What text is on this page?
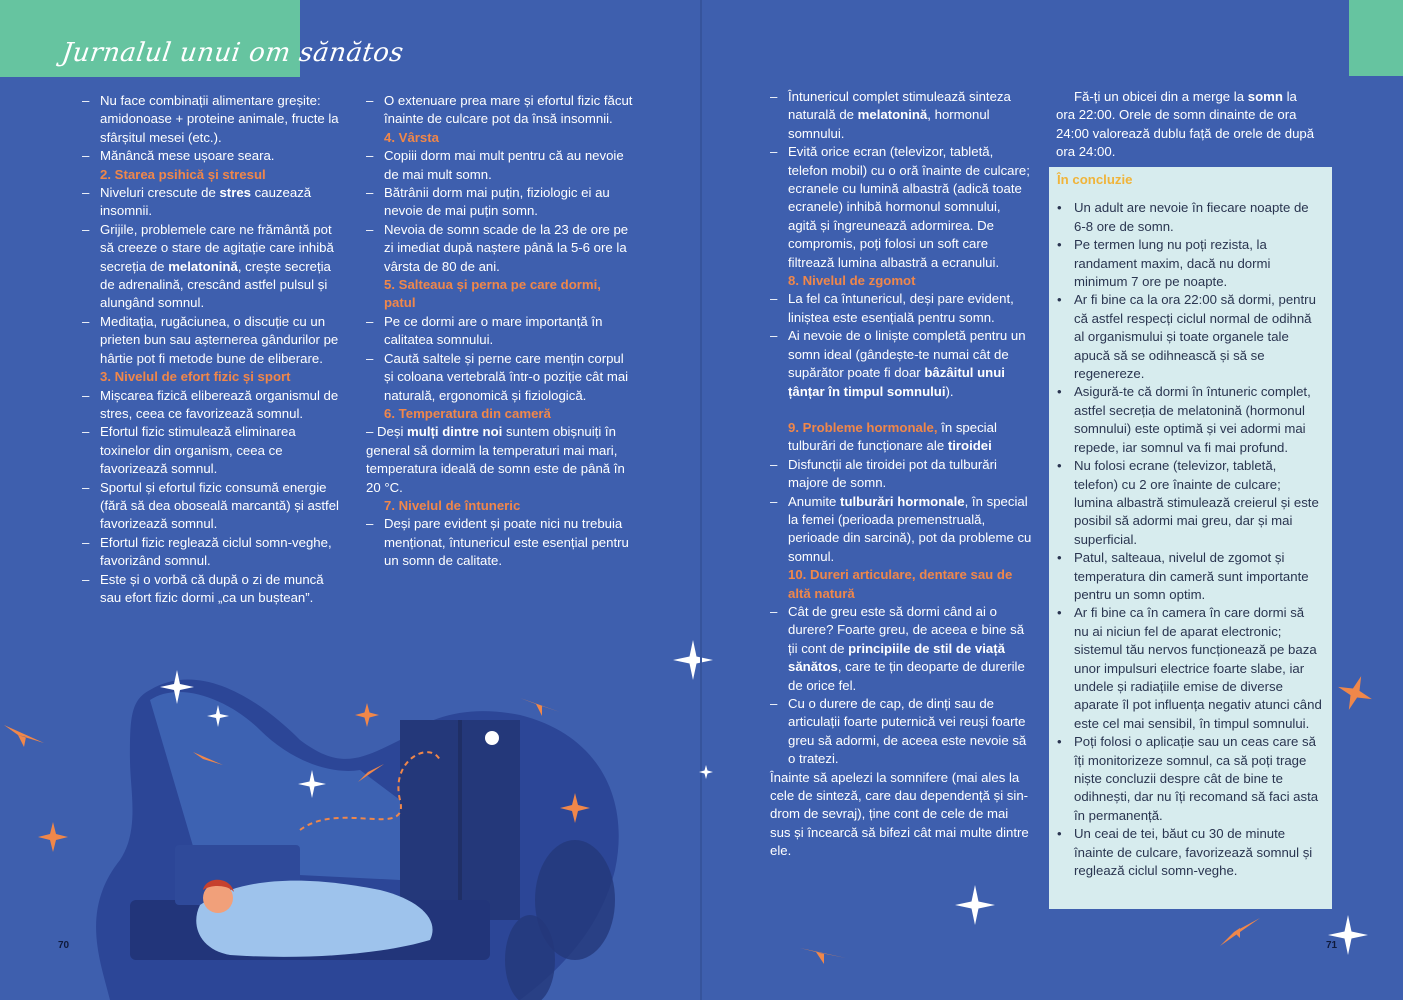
Jurnalul unui om sănătos

– Nu face combinații alimentare greșite: amidonoase + proteine animale, fructe la sfârșitul mesei (etc.).

– Mănâncă mese ușoare seara.

2. Starea psihică și stresul

– Niveluri crescute de stres cauzează insomnii.

– Grijile, problemele care ne frământă pot să creeze o stare de agitație care inhibă secreția de melatonină, crește secreția de adrenalină, crescând astfel pulsul și alungând somnul.

– Meditația, rugăciunea, o discuție cu un prieten bun sau așternerea gândurilor pe hârtie pot fi metode bune de eliberare.

3. Nivelul de efort fizic și sport

– Mișcarea fizică eliberează organismul de stres, ceea ce favorizează somnul.

– Efortul fizic stimulează eliminarea toxinelor din organism, ceea ce favorizează somnul.

– Sportul și efortul fizic consumă energie (fără să dea oboseală marcantă) și astfel favorizează somnul.

– Efortul fizic reglează ciclul somn-veghe, favorizând somnul.

– Este și o vorbă că după o zi de muncă sau efort fizic dormi „ca un buștean”.

– O extenuare prea mare și efortul fizic făcut înainte de culcare pot da însă insomnii.

4. Vârsta

– Copiii dorm mai mult pentru că au nevoie de mai mult somn.

– Bătrânii dorm mai puțin, fiziologic ei au nevoie de mai puțin somn.

– Nevoia de somn scade de la 23 de ore pe zi imediat după naștere până la 5-6 ore la vârsta de 80 de ani.

5. Salteaua și perna pe care dormi, patul

– Pe ce dormi are o mare importanță în calitatea somnului.

– Caută saltele și perne care mențin corpul și coloana vertebrală într-o poziție cât mai naturală, ergonomică și fiziologică.

6. Temperatura din cameră

– Deși mulți dintre noi suntem obișnuiți în general să dormim la temperaturi mai mari, temperatura ideală de somn este de până în 20 °C.

7. Nivelul de întuneric

– Deși pare evident și poate nici nu trebuia menționat, întunericul este esențial pentru un somn de calitate.

70

– Întunericul complet stimulează sinteza naturală de melatonină, hormonul somnului.

– Evită orice ecran (televizor, tabletă, telefon mobil) cu o oră înainte de culcare; ecranele cu lumină albastră (adică toate ecranele) inhibă hormonul somnului, agită și îngreunează adormirea. De compromis, poți folosi un soft care filtrează lumina albastră a ecranului.

8. Nivelul de zgomot

– La fel ca întunericul, deși pare evident, liniștea este esențială pentru somn.

– Ai nevoie de o liniște completă pentru un somn ideal (gândește-te numai cât de supărător poate fi doar bâzâitul unui țânțar în timpul somnului).

9. Probleme hormonale, în special tulburări de funcționare ale tiroidei

– Disfuncții ale tiroidei pot da tulburări majore de somn.

– Anumite tulburări hormonale, în special la femei (perioada premenstruală, perioade din sarcină), pot da probleme cu somnul.

10. Dureri articulare, dentare sau de altă natură

– Cât de greu este să dormi când ai o durere? Foarte greu, de aceea e bine să ții cont de principiile de stil de viață sănătos, care te țin deoparte de durerile de orice fel.

– Cu o durere de cap, de dinți sau de articulații foarte puternică vei reuși foarte greu să adormi, de aceea este nevoie să o tratezi.

Înainte să apelezi la somnifere (mai ales la cele de sinteză, care dau dependență și sin- drom de sevraj), ține cont de cele de mai sus și încearcă să bifezi cât mai multe dintre ele.

Fă-ți un obicei din a merge la somn la ora 22:00. Orele de somn dinainte de ora 24:00 valorează dublu față de orele de după ora 24:00.

În concluzie

• Un adult are nevoie în fiecare noapte de 6-8 ore de somn.

• Pe termen lung nu poți rezista, la randament maxim, dacă nu dormi minimum 7 ore pe noapte.

• Ar fi bine ca la ora 22:00 să dormi, pentru că astfel respecți ciclul normal de odihnă al organismului și toate organele tale apucă să se odihnească și să se regenereze.

• Asigură-te că dormi în întuneric complet, astfel secreția de melatonină (hormonul somnului) este optimă și vei adormi mai repede, iar somnul va fi mai profund.

• Nu folosi ecrane (televizor, tabletă, telefon) cu 2 ore înainte de culcare; lumina albastră stimulează creierul și este posibil să adormi mai greu, dar și mai superficial.

• Patul, salteaua, nivelul de zgomot și temperatura din cameră sunt importante pentru un somn optim.

• Ar fi bine ca în camera în care dormi să nu ai niciun fel de aparat electronic; sistemul tău nervos funcționează pe baza unor impulsuri electrice foarte slabe, iar undele și radiațiile emise de diverse aparate îl pot influența negativ atunci când este cel mai sensibil, în timpul somnului.

• Poți folosi o aplicație sau un ceas care să îți monitorizeze somnul, ca să poți trage niște concluzii despre cât de bine te odihnești, dar nu îți recomand să faci asta în permanență.

• Un ceai de tei, băut cu 30 de minute înainte de culcare, favorizează somnul și reglează ciclul somn-veghe.

71
